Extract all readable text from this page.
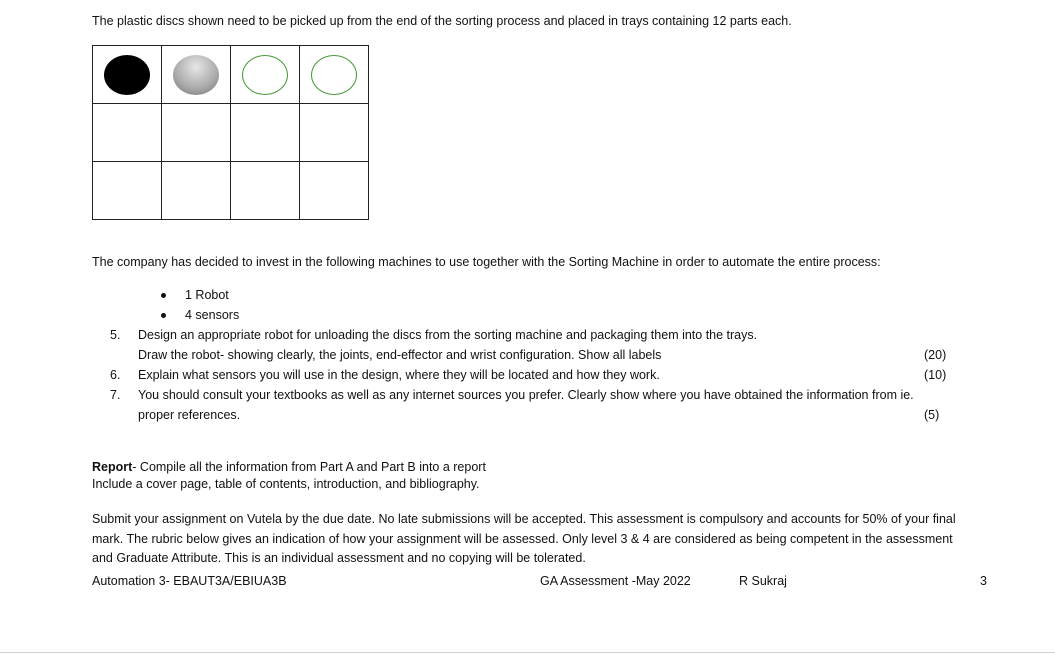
The plastic discs shown need to be picked up from the end of the sorting process and placed in trays containing 12 parts each.

The company has decided to invest in the following machines to use together with the Sorting Machine in order to automate the entire process:
1 Robot
4 sensors
5. Design an appropriate robot for unloading the discs from the sorting machine and packaging them into the trays.
Draw the robot- showing clearly, the joints, end-effector and wrist configuration. Show all labels	(20)
6. Explain what sensors you will use in the design, where they will be located and how they work.	(10)
7. You should consult your textbooks as well as any internet sources you prefer. Clearly show where you have obtained the information from ie.
proper references.	(5)
Report- Compile all the information from Part A and Part B into a report
Include a cover page, table of contents, introduction, and bibliography.
Submit your assignment on Vutela by the due date. No late submissions will be accepted. This assessment is compulsory and accounts for 50% of your final
mark. The rubric below gives an indication of how your assignment will be assessed. Only level 3 & 4 are considered as being competent in the assessment
and Graduate Attribute. This is an individual assessment and no copying will be tolerated.
Automation 3- EBAUT3A/EBIUA3B	GA Assessment -May 2022	R Sukraj	3
